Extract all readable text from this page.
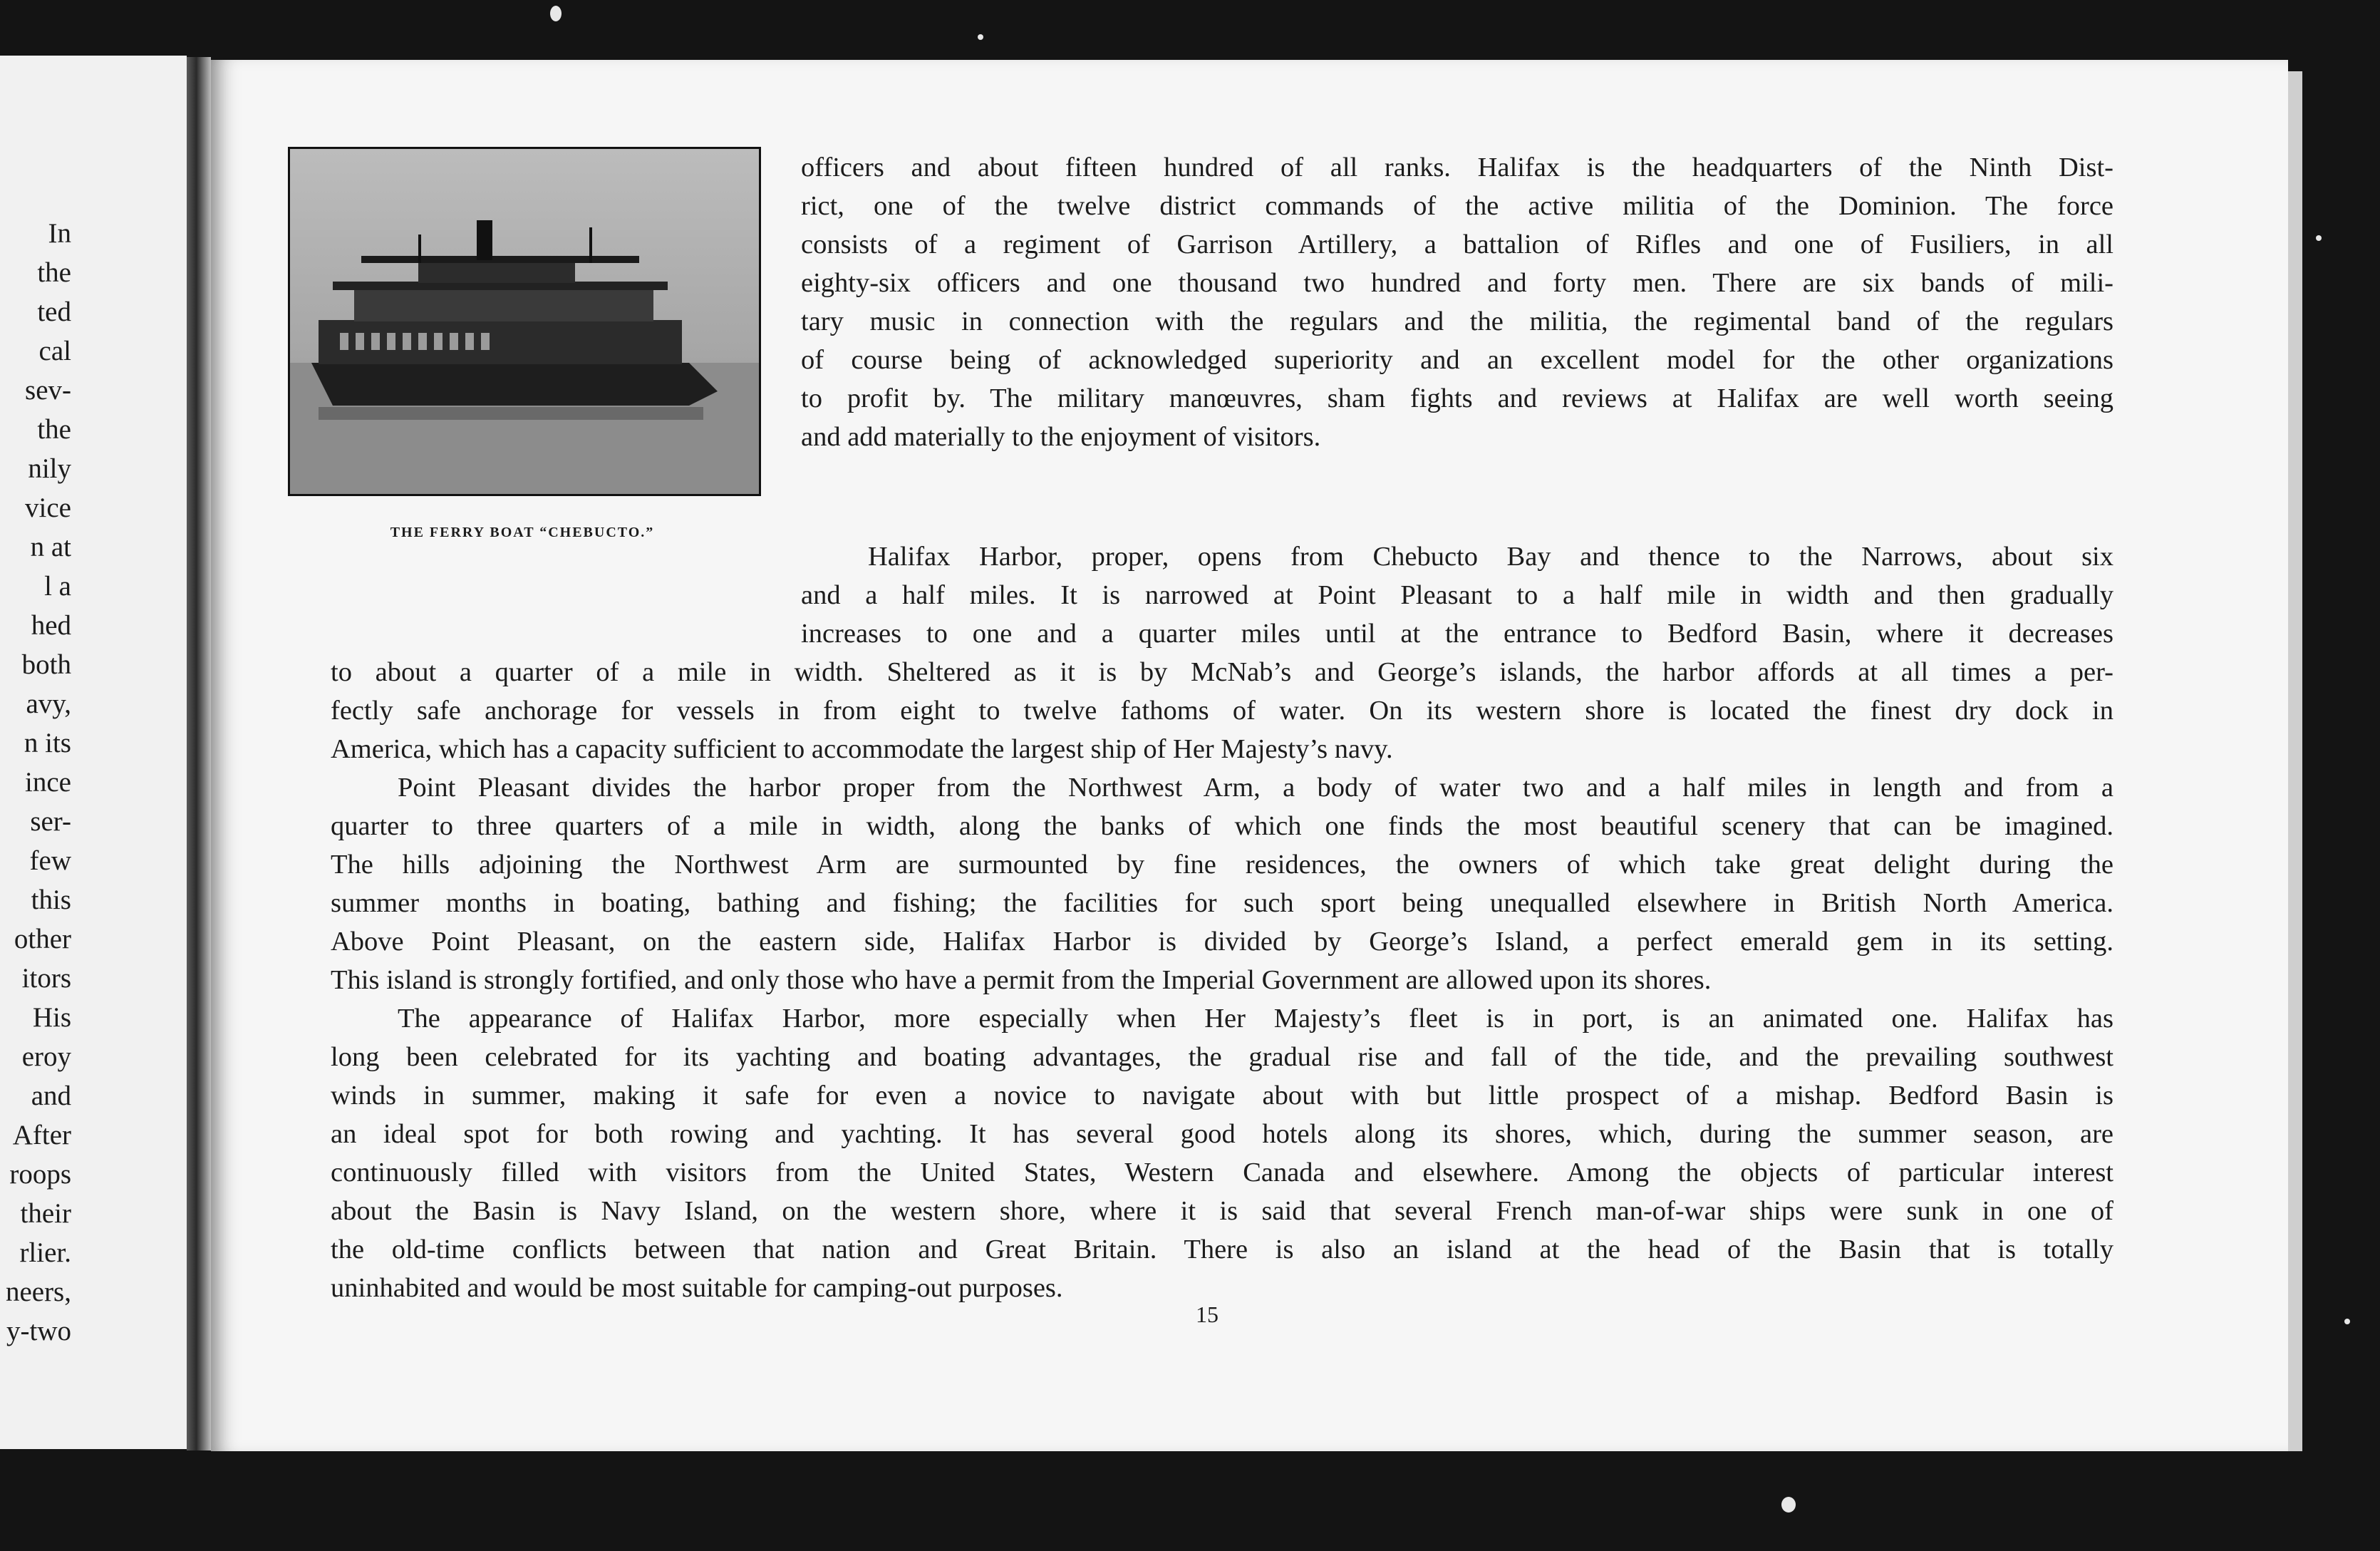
In
the
ted
cal
sev-
the
nily
vice
n at
l a
hed
both
avy,
n its
ince
ser-
few
this
other
itors
His
eroy
and
After
roops
their
rlier.
neers,
y-two
THE FERRY BOAT “CHEBUCTO.”
officers and about fifteen hundred of all ranks. Halifax is the headquarters of the Ninth Dist-
rict, one of the twelve district commands of the active militia of the Dominion. The force
consists of a regiment of Garrison Artillery, a battalion of Rifles and one of Fusiliers, in all
eighty-six officers and one thousand two hundred and forty men. There are six bands of mili-
tary music in connection with the regulars and the militia, the regimental band of the regulars
of course being of acknowledged superiority and an excellent model for the other organizations
to profit by. The military manœuvres, sham fights and reviews at Halifax are well worth seeing
and add materially to the enjoyment of visitors.
Halifax Harbor, proper, opens from Chebucto Bay and thence to the Narrows, about six
and a half miles. It is narrowed at Point Pleasant to a half mile in width and then gradually
increases to one and a quarter miles until at the entrance to Bedford Basin, where it decreases
to about a quarter of a mile in width. Sheltered as it is by McNab’s and George’s islands, the harbor affords at all times a per-
fectly safe anchorage for vessels in from eight to twelve fathoms of water. On its western shore is located the finest dry dock in
America, which has a capacity sufficient to accommodate the largest ship of Her Majesty’s navy.
Point Pleasant divides the harbor proper from the Northwest Arm, a body of water two and a half miles in length and from a
quarter to three quarters of a mile in width, along the banks of which one finds the most beautiful scenery that can be imagined.
The hills adjoining the Northwest Arm are surmounted by fine residences, the owners of which take great delight during the
summer months in boating, bathing and fishing; the facilities for such sport being unequalled elsewhere in British North America.
Above Point Pleasant, on the eastern side, Halifax Harbor is divided by George’s Island, a perfect emerald gem in its setting.
This island is strongly fortified, and only those who have a permit from the Imperial Government are allowed upon its shores.
The appearance of Halifax Harbor, more especially when Her Majesty’s fleet is in port, is an animated one. Halifax has
long been celebrated for its yachting and boating advantages, the gradual rise and fall of the tide, and the prevailing southwest
winds in summer, making it safe for even a novice to navigate about with but little prospect of a mishap. Bedford Basin is
an ideal spot for both rowing and yachting. It has several good hotels along its shores, which, during the summer season, are
continuously filled with visitors from the United States, Western Canada and elsewhere. Among the objects of particular interest
about the Basin is Navy Island, on the western shore, where it is said that several French man-of-war ships were sunk in one of
the old-time conflicts between that nation and Great Britain. There is also an island at the head of the Basin that is totally
uninhabited and would be most suitable for camping-out purposes.
15
